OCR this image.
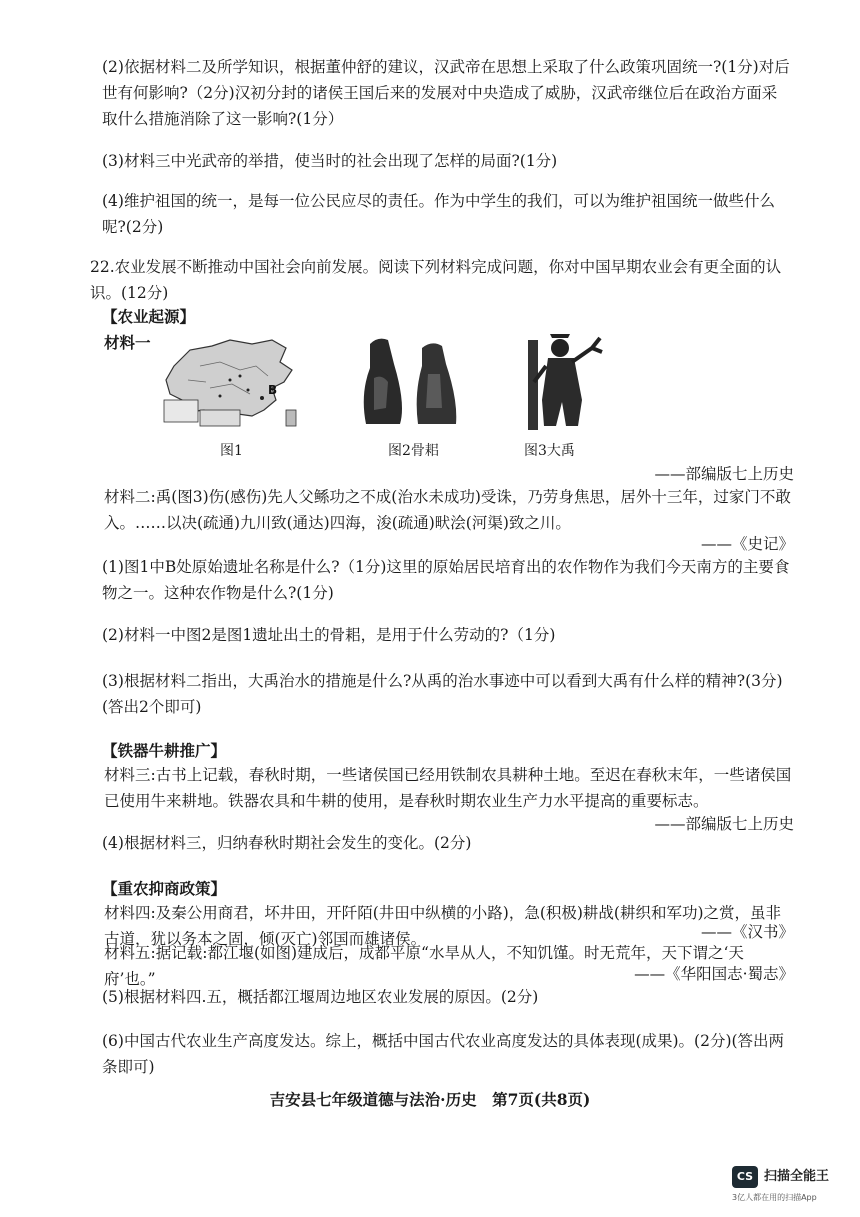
(2)依据材料二及所学知识，根据董仲舒的建议，汉武帝在思想上采取了什么政策巩固统一?(1分)对后世有何影响?（2分)汉初分封的诸侯王国后来的发展对中央造成了威胁，汉武帝继位后在政治方面采取什么措施消除了这一影响?(1分）
(3)材料三中光武帝的举措，使当时的社会出现了怎样的局面?(1分)
(4)维护祖国的统一，是每一位公民应尽的责任。作为中学生的我们，可以为维护祖国统一做些什么呢?(2分)
22.农业发展不断推动中国社会向前发展。阅读下列材料完成问题，你对中国早期农业会有更全面的认识。(12分)
【农业起源】
材料一
B
图1	图2骨耜	图3大禹
——部编版七上历史
材料二:禹(图3)伤(感伤)先人父鲧功之不成(治水未成功)受诛，乃劳身焦思，居外十三年，过家门不敢入。……以决(疏通)九川致(通达)四海，浚(疏通)畎浍(河渠)致之川。
——《史记》
(1)图1中B处原始遗址名称是什么?（1分)这里的原始居民培育出的农作物作为我们今天南方的主要食物之一。这种农作物是什么?(1分)
(2)材料一中图2是图1遗址出土的骨耜，是用于什么劳动的?（1分)
(3)根据材料二指出，大禹治水的措施是什么?从禹的治水事迹中可以看到大禹有什么样的精神?(3分)(答出2个即可)
【铁器牛耕推广】
材料三:古书上记载，春秋时期，一些诸侯国已经用铁制农具耕种土地。至迟在春秋末年，一些诸侯国已使用牛来耕地。铁器农具和牛耕的使用，是春秋时期农业生产力水平提高的重要标志。
——部编版七上历史
(4)根据材料三，归纳春秋时期社会发生的变化。(2分)
【重农抑商政策】
材料四:及秦公用商君，坏井田，开阡陌(井田中纵横的小路)，急(积极)耕战(耕织和军功)之赏，虽非古道，犹以务本之固，倾(灭亡)邻国而雄诸侯。	——《汉书》
材料五:据记载:都江堰(如图)建成后，成都平原“水旱从人，不知饥馑。时无荒年，天下谓之‘天府’也。”	——《华阳国志·蜀志》
(5)根据材料四.五，概括都江堰周边地区农业发展的原因。(2分)
(6)中国古代农业生产高度发达。综上，概括中国古代农业高度发达的具体表现(成果)。(2分)(答出两条即可)
吉安县七年级道德与法治·历史　第7页(共8页)
CS 扫描全能王
3亿人都在用的扫描App
